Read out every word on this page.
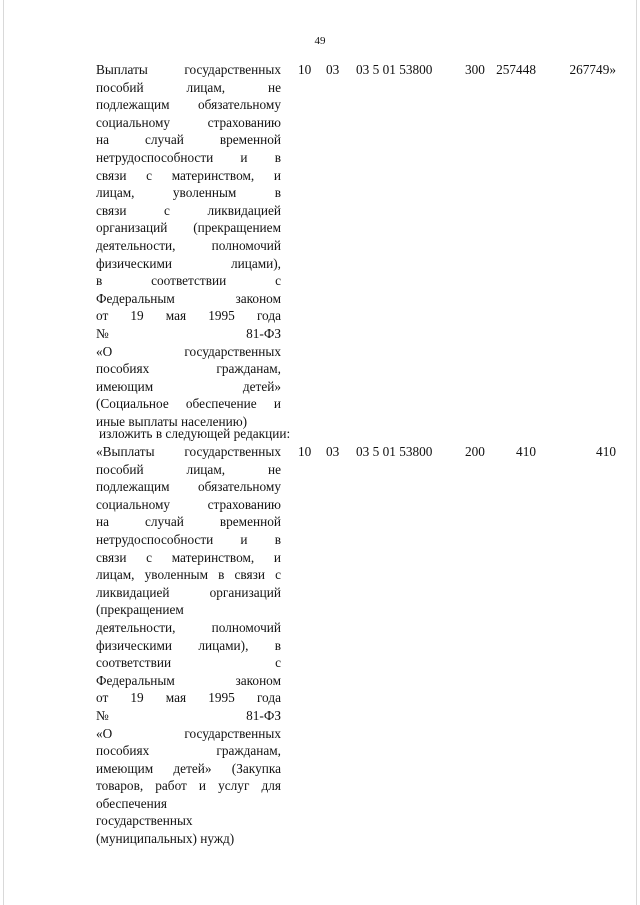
49
Выплаты государственных
пособий лицам, не
подлежащим обязательному
социальному страхованию
на случай временной
нетрудоспособности и в
связи с материнством, и
лицам, уволенным в
связи с ликвидацией
организаций (прекращением
деятельности, полномочий
физическими лицами),
в соответствии с
Федеральным законом
от 19 мая 1995 года
№ 81-ФЗ
«О государственных
пособиях гражданам,
имеющим детей»
(Социальное обеспечение и
иные выплаты населению)
10 03 03 5 01 53800 300 257448	267749»
изложить в следующей редакции:
«Выплаты государственных
пособий лицам, не
подлежащим обязательному
социальному страхованию
на случай временной
нетрудоспособности и в
связи с материнством, и
лицам, уволенным в связи с
ликвидацией организаций
(прекращением
деятельности, полномочий
физическими лицами), в
соответствии с
Федеральным законом
от 19 мая 1995 года
№ 81-ФЗ
«О государственных
пособиях гражданам,
имеющим детей» (Закупка
товаров, работ и услуг для
обеспечения
государственных
(муниципальных) нужд)
10 03 03 5 01 53800 200 410	410
